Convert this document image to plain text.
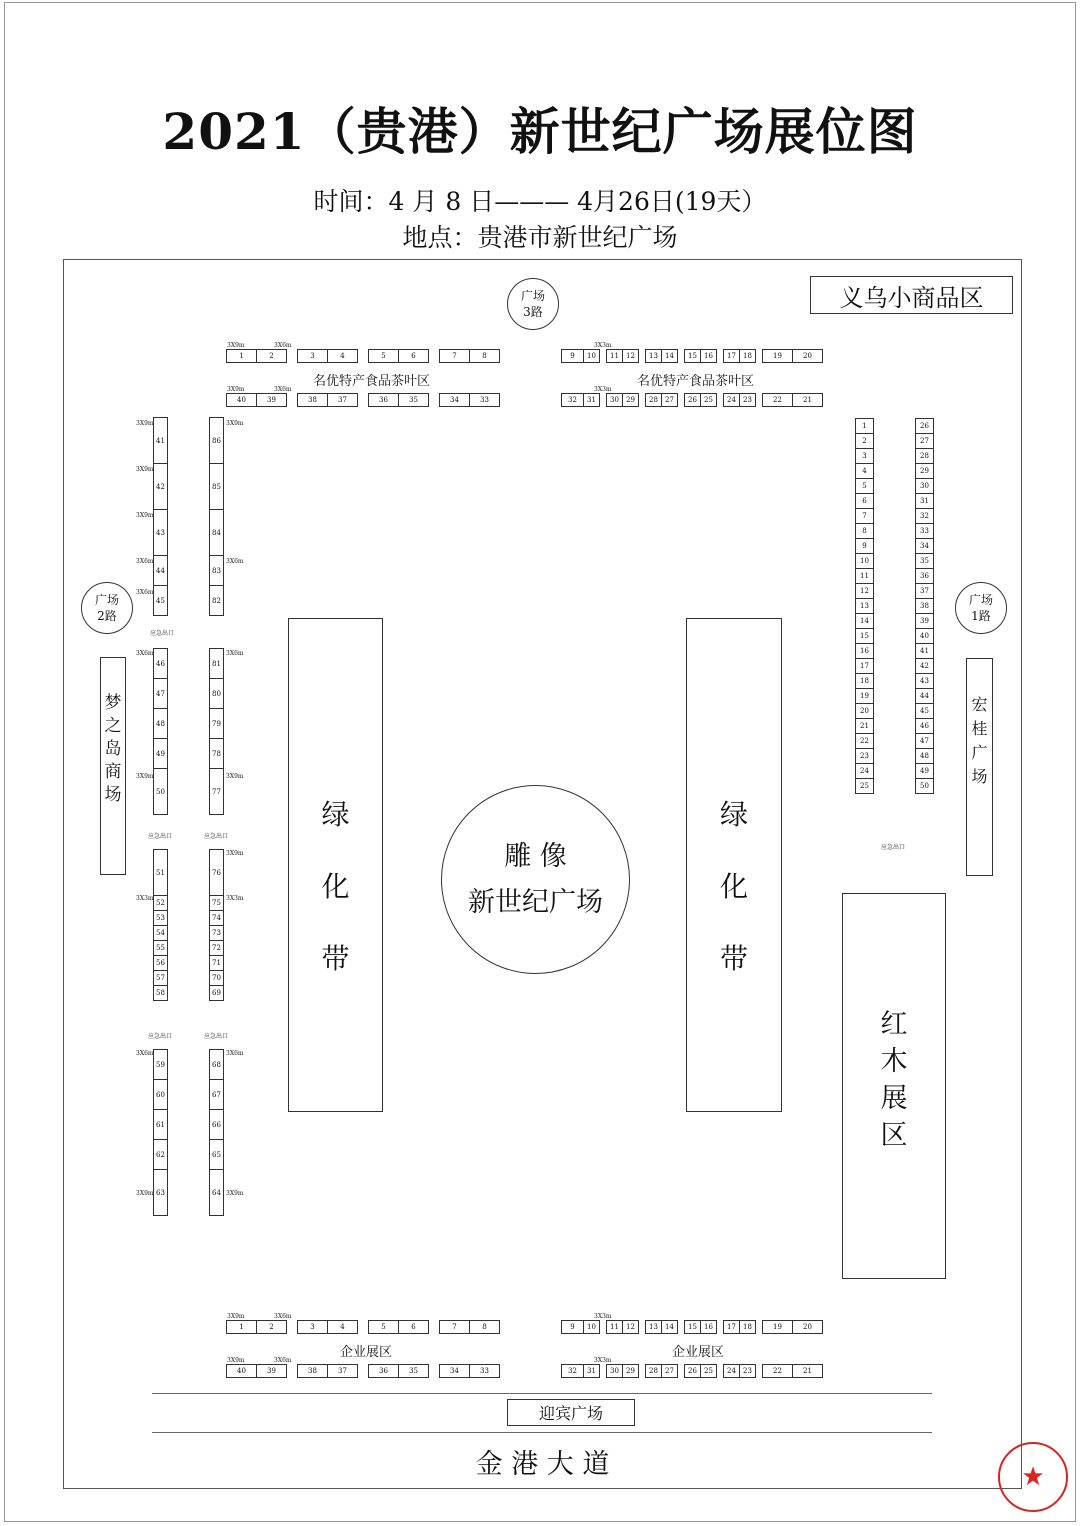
2021（贵港）新世纪广场展位图
时间：4 月 8 日——— 4月26日(19天）
地点：贵港市新世纪广场
广场
3路
广场
2路
广场
1路
义乌小商品区
1	2	3	4	5	6	7	8
40	39	38	37	36	35	34	33
9	10	11	12	13	14	15	16	17	18	19	20
32	31	30	29	28	27	26	25	24	23	22	21
名优特产食品茶叶区	名优特产食品茶叶区
3X9m	3X6m	3X3m
3X9m	3X6m	3X3m
41
42
43
44
45
46
47
48
49
50
51
52
53
54
55
56
57
58
59
60
61
62
63
86
85
84
83
82
81
80
79
78
77
76
75
74
73
72
71
70
69
68
67
66
65
64
3X9m
3X9m
3X9m
3X6m
3X6m
3X6m
3X9m
3X3m
3X6m
3X9m
3X9m
3X6m
3X6m
3X9m
3X9m
3X3m
3X6m
3X9m
应急出口
应急出口	应急出口
应急出口	应急出口
应急出口
梦
之
岛
商
场
绿
化
带
绿
化
带
雕 像
新世纪广场
1
2
3
4
5
6
7
8
9
10
11
12
13
14
15
16
17
18
19
20
21
22
23
24
25
26
27
28
29
30
31
32
33
34
35
36
37
38
39
40
41
42
43
44
45
46
47
48
49
50
宏
桂
广
场
红
木
展
区
1	2	3	4	5	6	7	8
40	39	38	37	36	35	34	33
9	10	11	12	13	14	15	16	17	18	19	20
32	31	30	29	28	27	26	25	24	23	22	21
企业展区	企业展区
3X9m	3X6m	3X3m
3X9m	3X6m	3X3m
迎宾广场
金 港 大 道	★
